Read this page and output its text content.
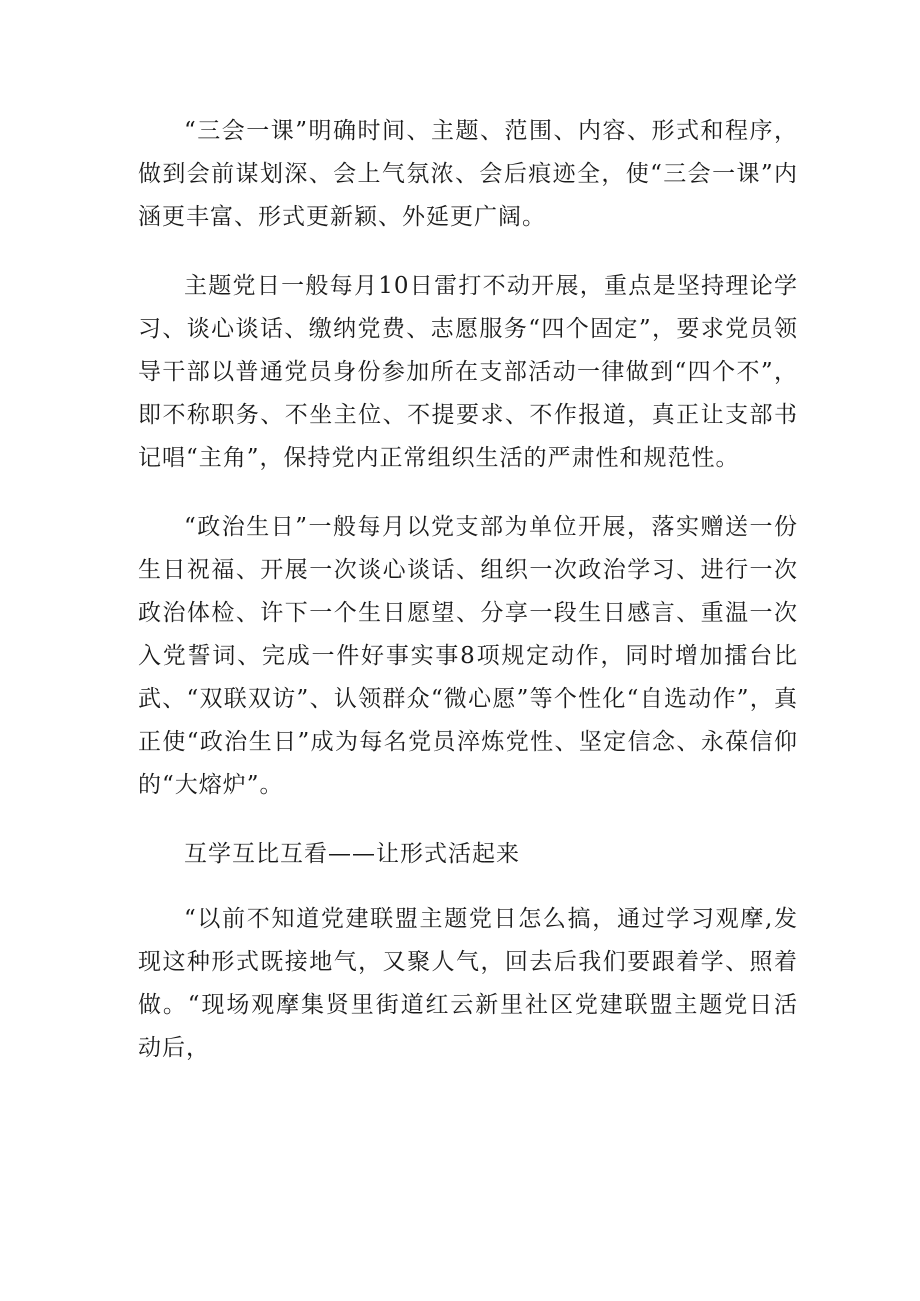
“三会一课”明确时间、主题、范围、内容、形式和程序，做到会前谋划深、会上气氛浓、会后痕迹全，使“三会一课”内涵更丰富、形式更新颖、外延更广阔。

主题党日一般每月10日雷打不动开展，重点是坚持理论学习、谈心谈话、缴纳党费、志愿服务“四个固定”，要求党员领导干部以普通党员身份参加所在支部活动一律做到“四个不”，即不称职务、不坐主位、不提要求、不作报道，真正让支部书记唱“主角”，保持党内正常组织生活的严肃性和规范性。

“政治生日”一般每月以党支部为单位开展，落实赠送一份生日祝福、开展一次谈心谈话、组织一次政治学习、进行一次政治体检、许下一个生日愿望、分享一段生日感言、重温一次入党誓词、完成一件好事实事8项规定动作，同时增加擂台比武、“双联双访”、认领群众“微心愿”等个性化“自选动作”，真正使“政治生日”成为每名党员淬炼党性、坚定信念、永葆信仰的“大熔炉”。

互学互比互看——让形式活起来

“以前不知道党建联盟主题党日怎么搞，通过学习观摩,发现这种形式既接地气，又聚人气，回去后我们要跟着学、照着做。“现场观摩集贤里街道红云新里社区党建联盟主题党日活动后，
